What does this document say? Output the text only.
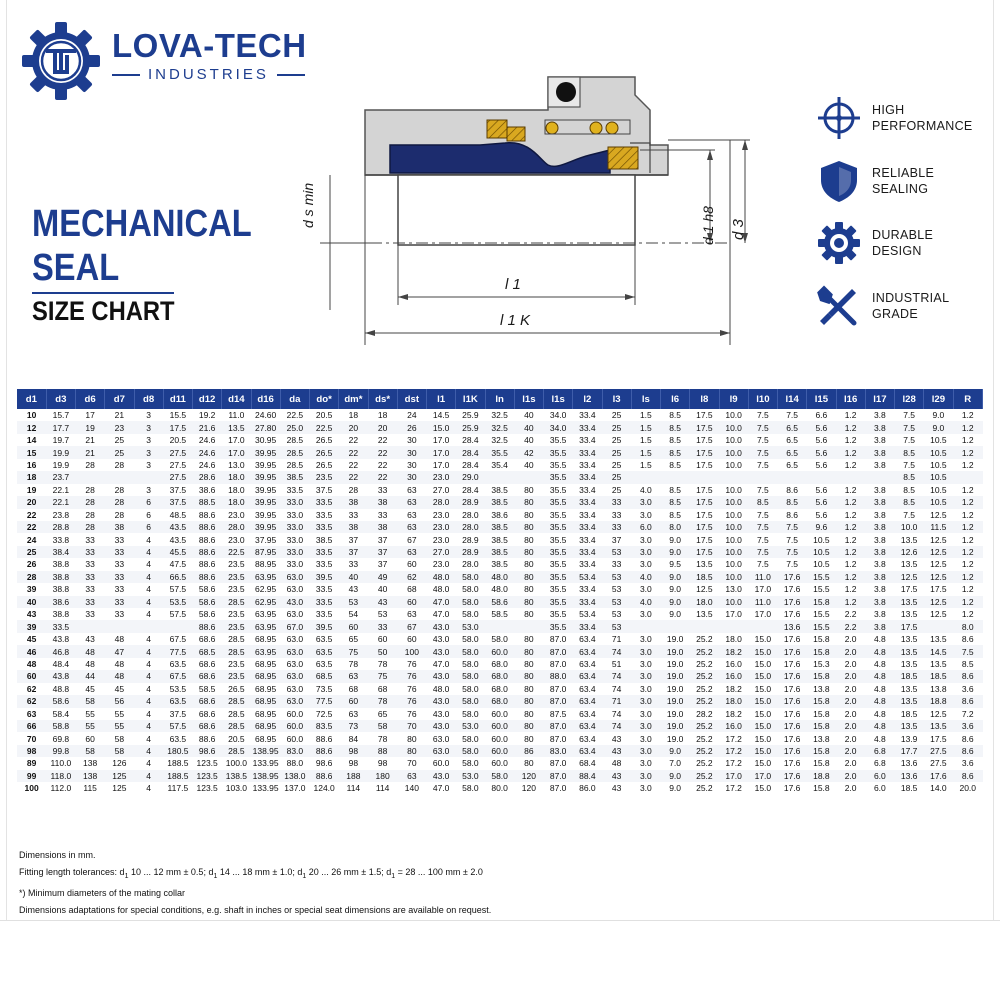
LOVA-TECH
INDUSTRIES
MECHANICAL
SEAL
SIZE CHART
d s min	d 1 h8 d 3
l 1
l 1 K
HIGH
PERFORMANCE
RELIABLE
SEALING
DURABLE
DESIGN
INDUSTRIAL
GRADE
d1	d3	d6	d7	d8	d11	d12	d14	d16	da	do*	dm*	ds*	dst	l1	l1K	ln	l1s	l1s	l2	l3	ls	l6	l8	l9	l10	l14	l15	l16	l17	l28	l29	R
10	15.7	17	21	3	15.5	19.2	11.0	24.60	22.5	20.5	18	18	24	14.5	25.9	32.5	40	34.0	33.4	25	1.5	8.5	17.5	10.0	7.5	7.5	6.6	1.2	3.8	7.5	9.0	1.2
12	17.7	19	23	3	17.5	21.6	13.5	27.80	25.0	22.5	20	20	26	15.0	25.9	32.5	40	34.0	33.4	25	1.5	8.5	17.5	10.0	7.5	6.5	5.6	1.2	3.8	7.5	9.0	1.2
14	19.7	21	25	3	20.5	24.6	17.0	30.95	28.5	26.5	22	22	30	17.0	28.4	32.5	40	35.5	33.4	25	1.5	8.5	17.5	10.0	7.5	6.5	5.6	1.2	3.8	7.5	10.5	1.2
15	19.9	21	25	3	27.5	24.6	17.0	39.95	28.5	26.5	22	22	30	17.0	28.4	35.5	42	35.5	33.4	25	1.5	8.5	17.5	10.0	7.5	6.5	5.6	1.2	3.8	8.5	10.5	1.2
16	19.9	28	28	3	27.5	24.6	13.0	39.95	28.5	26.5	22	22	30	17.0	28.4	35.4	40	35.5	33.4	25	1.5	8.5	17.5	10.0	7.5	6.5	5.6	1.2	3.8	7.5	10.5	1.2
18	23.7				27.5	28.6	18.0	39.95	38.5	23.5	22	22	30	23.0	29.0			35.5	33.4	25										8.5	10.5	
19	22.1	28	28	3	37.5	38.6	18.0	39.95	33.5	37.5	28	33	63	27.0	28.4	38.5	80	35.5	33.4	25	4.0	8.5	17.5	10.0	7.5	8.6	5.6	1.2	3.8	8.5	10.5	1.2
20	22.1	28	28	6	37.5	88.5	18.0	39.95	33.0	33.5	38	38	63	28.0	28.9	38.5	80	35.5	33.4	33	3.0	8.5	17.5	10.0	8.5	8.5	5.6	1.2	3.8	8.5	10.5	1.2
22	23.8	28	28	6	48.5	88.6	23.0	39.95	33.0	33.5	33	33	63	23.0	28.0	38.6	80	35.5	33.4	33	3.0	8.5	17.5	10.0	7.5	8.6	5.6	1.2	3.8	7.5	12.5	1.2
22	28.8	28	38	6	43.5	88.6	28.0	39.95	33.0	33.5	38	38	63	23.0	28.0	38.5	80	35.5	33.4	33	6.0	8.0	17.5	10.0	7.5	7.5	9.6	1.2	3.8	10.0	11.5	1.2
24	33.8	33	33	4	43.5	88.6	23.0	37.95	33.0	38.5	37	37	67	23.0	28.9	38.5	80	35.5	33.4	37	3.0	9.0	17.5	10.0	7.5	7.5	10.5	1.2	3.8	13.5	12.5	1.2
25	38.4	33	33	4	45.5	88.6	22.5	87.95	33.0	33.5	37	37	63	27.0	28.9	38.5	80	35.5	33.4	53	3.0	9.0	17.5	10.0	7.5	7.5	10.5	1.2	3.8	12.6	12.5	1.2
26	38.8	33	33	4	47.5	88.6	23.5	88.95	33.0	33.5	33	37	60	23.0	28.0	38.5	80	35.5	33.4	33	3.0	9.5	13.5	10.0	7.5	7.5	10.5	1.2	3.8	13.5	12.5	1.2
28	38.8	33	33	4	66.5	88.6	23.5	63.95	63.0	39.5	40	49	62	48.0	58.0	48.0	80	35.5	53.4	53	4.0	9.0	18.5	10.0	11.0	17.6	15.5	1.2	3.8	12.5	12.5	1.2
39	38.8	33	33	4	57.5	58.6	23.5	62.95	63.0	33.5	43	40	68	48.0	58.0	48.0	80	35.5	33.4	53	3.0	9.0	12.5	13.0	17.0	17.6	15.5	1.2	3.8	17.5	17.5	1.2
40	38.6	33	33	4	53.5	58.6	28.5	62.95	43.0	33.5	53	43	60	47.0	58.0	58.6	80	35.5	33.4	53	4.0	9.0	18.0	10.0	11.0	17.6	15.8	1.2	3.8	13.5	12.5	1.2
43	38.8	33	33	4	57.5	58.6	23.5	63.95	63.0	33.5	54	53	63	47.0	58.0	58.5	80	35.5	53.4	53	3.0	9.0	13.5	17.0	17.0	17.6	15.5	2.2	3.8	13.5	12.5	1.2
39	33.5					88.6	23.5	63.95	67.0	39.5	60	33	67	43.0	53.0			35.5	33.4	53						13.6	15.5	2.2	3.8	17.5		8.0
45	43.8	43	48	4	67.5	68.6	28.5	68.95	63.0	63.5	65	60	60	43.0	58.0	58.0	80	87.0	63.4	71	3.0	19.0	25.2	18.0	15.0	17.6	15.8	2.0	4.8	13.5	13.5	8.6
46	46.8	48	47	4	77.5	68.5	28.5	63.95	63.0	63.5	75	50	100	43.0	58.0	60.0	80	87.0	63.4	74	3.0	19.0	25.2	18.2	15.0	17.6	15.8	2.0	4.8	13.5	14.5	7.5
48	48.4	48	48	4	63.5	68.6	23.5	68.95	63.0	63.5	78	78	76	47.0	58.0	68.0	80	87.0	63.4	51	3.0	19.0	25.2	16.0	15.0	17.6	15.3	2.0	4.8	13.5	13.5	8.5
60	43.8	44	48	4	67.5	68.6	23.5	68.95	63.0	68.5	63	75	76	43.0	58.0	68.0	80	88.0	63.4	74	3.0	19.0	25.2	16.0	15.0	17.6	15.8	2.0	4.8	18.5	18.5	8.6
62	48.8	45	45	4	53.5	58.5	26.5	68.95	63.0	73.5	68	68	76	48.0	58.0	68.0	80	87.0	63.4	74	3.0	19.0	25.2	18.2	15.0	17.6	13.8	2.0	4.8	13.5	13.8	3.6
62	58.6	58	56	4	63.5	68.6	28.5	68.95	63.0	77.5	60	78	76	43.0	58.0	68.0	80	87.0	63.4	71	3.0	19.0	25.2	18.0	15.0	17.6	15.8	2.0	4.8	13.5	18.8	8.6
63	58.4	55	55	4	37.5	68.6	28.5	68.95	60.0	72.5	63	65	76	43.0	58.0	60.0	80	87.5	63.4	74	3.0	19.0	28.2	18.2	15.0	17.6	15.8	2.0	4.8	18.5	12.5	7.2
66	58.8	55	55	4	57.5	68.6	28.5	68.95	60.0	83.5	73	58	70	43.0	53.0	60.0	80	87.0	63.4	74	3.0	19.0	25.2	16.0	15.0	17.6	15.8	2.0	4.8	13.5	13.5	3.6
70	69.8	60	58	4	63.5	88.6	20.5	68.95	60.0	88.6	84	78	80	63.0	58.0	60.0	80	87.0	63.4	43	3.0	19.0	25.2	17.2	15.0	17.6	13.8	2.0	4.8	13.9	17.5	8.6
98	99.8	58	58	4	180.5	98.6	28.5	138.95	83.0	88.6	98	88	80	63.0	58.0	60.0	86	83.0	63.4	43	3.0	9.0	25.2	17.2	15.0	17.6	15.8	2.0	6.8	17.7	27.5	8.6
89	110.0	138	126	4	188.5	123.5	100.0	133.95	88.0	98.6	98	98	70	60.0	58.0	60.0	80	87.0	68.4	48	3.0	7.0	25.2	17.2	15.0	17.6	15.8	2.0	6.8	13.6	27.5	3.6
99	118.0	138	125	4	188.5	123.5	138.5	138.95	138.0	88.6	188	180	63	43.0	53.0	58.0	120	87.0	88.4	43	3.0	9.0	25.2	17.0	17.0	17.6	18.8	2.0	6.0	13.6	17.6	8.6
100	112.0	115	125	4	117.5	123.5	103.0	133.95	137.0	124.0	114	114	140	47.0	58.0	80.0	120	87.0	86.0	43	3.0	9.0	25.2	17.2	15.0	17.6	15.8	2.0	6.0	18.5	14.0	20.0
Dimensions in mm.
Fitting length tolerances: $d_1$ 10 ... 12 mm ± 0.5; $d_1$ 14 ... 18 mm ± 1.0; $d_1$ 20 ... 26 mm ± 1.5; $d_1 = 28$ ... 100 mm ± 2.0
*) Minimum diameters of the mating collar
Dimensions adaptations for special conditions, e.g. shaft in inches or special seat dimensions are available on request.
